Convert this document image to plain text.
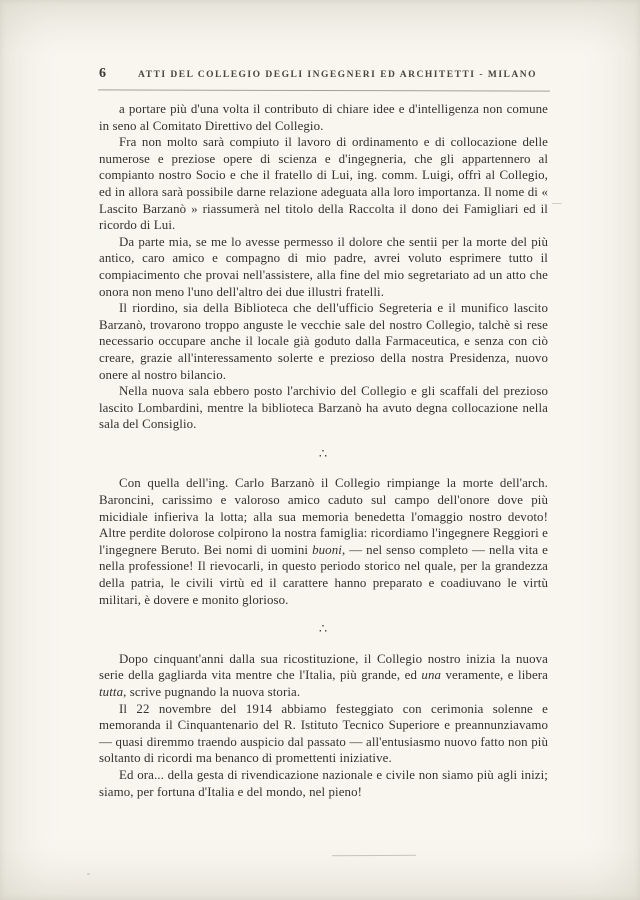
6	ATTI DEL COLLEGIO DEGLI INGEGNERI ED ARCHITETTI - MILANO

a portare più d'una volta il contributo di chiare idee e d'intelligenza non comune in seno al Comitato Direttivo del Collegio.

Fra non molto sarà compiuto il lavoro di ordinamento e di collocazione delle numerose e preziose opere di scienza e d'ingegneria, che gli appartennero al compianto nostro Socio e che il fratello di Lui, ing. comm. Luigi, offrì al Collegio, ed in allora sarà possibile darne relazione adeguata alla loro importanza. Il nome di « Lascito Barzanò » riassumerà nel titolo della Raccolta il dono dei Famigliari ed il ricordo di Lui.

Da parte mia, se me lo avesse permesso il dolore che sentii per la morte del più antico, caro amico e compagno di mio padre, avrei voluto esprimere tutto il compiacimento che provai nell'assistere, alla fine del mio segretariato ad un atto che onora non meno l'uno dell'altro dei due illustri fratelli.

Il riordino, sia della Biblioteca che dell'ufficio Segreteria e il munifico lascito Barzanò, trovarono troppo anguste le vecchie sale del nostro Collegio, talchè si rese necessario occupare anche il locale già goduto dalla Farmaceutica, e senza con ciò creare, grazie all'interessamento solerte e prezioso della nostra Presidenza, nuovo onere al nostro bilancio.

Nella nuova sala ebbero posto l'archivio del Collegio e gli scaffali del prezioso lascito Lombardini, mentre la biblioteca Barzanò ha avuto degna collocazione nella sala del Consiglio.

∴

Con quella dell'ing. Carlo Barzanò il Collegio rimpiange la morte dell'arch. Baroncini, carissimo e valoroso amico caduto sul campo dell'onore dove più micidiale infieriva la lotta; alla sua memoria benedetta l'omaggio nostro devoto! Altre perdite dolorose colpirono la nostra famiglia: ricordiamo l'ingegnere Reggiori e l'ingegnere Beruto. Bei nomi di uomini buoni, — nel senso completo — nella vita e nella professione! Il rievocarli, in questo periodo storico nel quale, per la grandezza della patria, le civili virtù ed il carattere hanno preparato e coadiuvano le virtù militari, è dovere e monito glorioso.

∴

Dopo cinquant'anni dalla sua ricostituzione, il Collegio nostro inizia la nuova serie della gagliarda vita mentre che l'Italia, più grande, ed una veramente, e libera tutta, scrive pugnando la nuova storia.

Il 22 novembre del 1914 abbiamo festeggiato con cerimonia solenne e memoranda il Cinquantenario del R. Istituto Tecnico Superiore e preannunziavamo — quasi diremmo traendo auspicio dal passato — all'entusiasmo nuovo fatto non più soltanto di ricordi ma benanco di promettenti iniziative.

Ed ora... della gesta di rivendicazione nazionale e civile non siamo più agli inizi; siamo, per fortuna d'Italia e del mondo, nel pieno!
